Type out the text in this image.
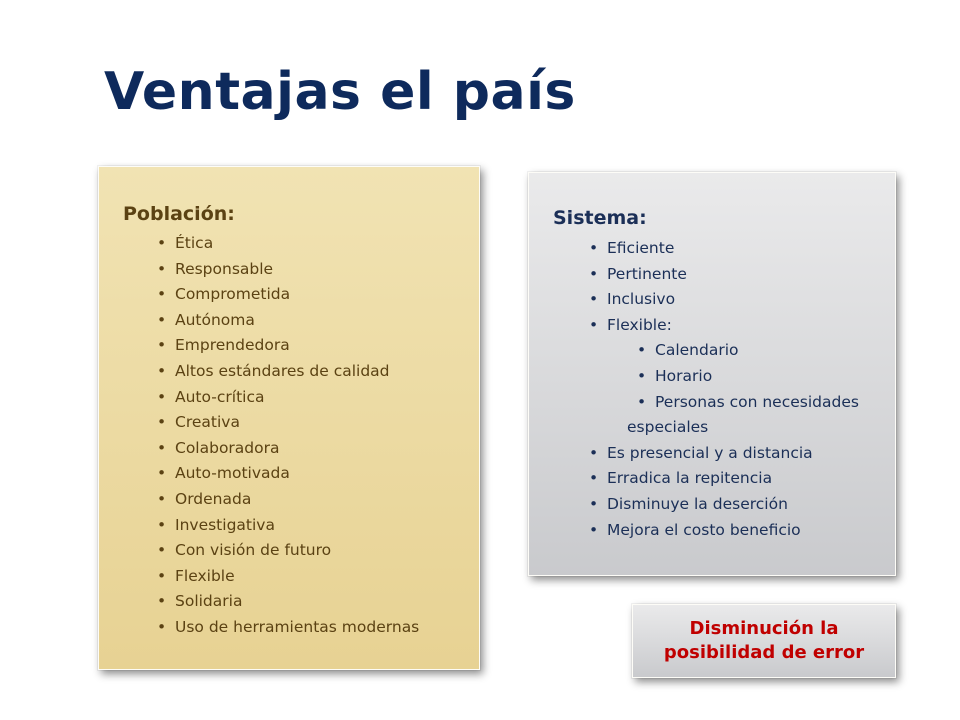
Ventajas el país

Población:

• Ética
• Responsable
• Comprometida
• Autónoma
• Emprendedora
• Altos estándares de calidad
• Auto-crítica
• Creativa
• Colaboradora
• Auto-motivada
• Ordenada
• Investigativa
• Con visión de futuro
• Flexible
• Solidaria
• Uso de herramientas modernas

Sistema:

• Eficiente
• Pertinente
• Inclusivo
• Flexible:
• Calendario
• Horario
• Personas con necesidades
especiales
• Es presencial y a distancia
• Erradica la repitencia
• Disminuye la deserción
• Mejora el costo beneficio
Disminución la posibilidad de error
